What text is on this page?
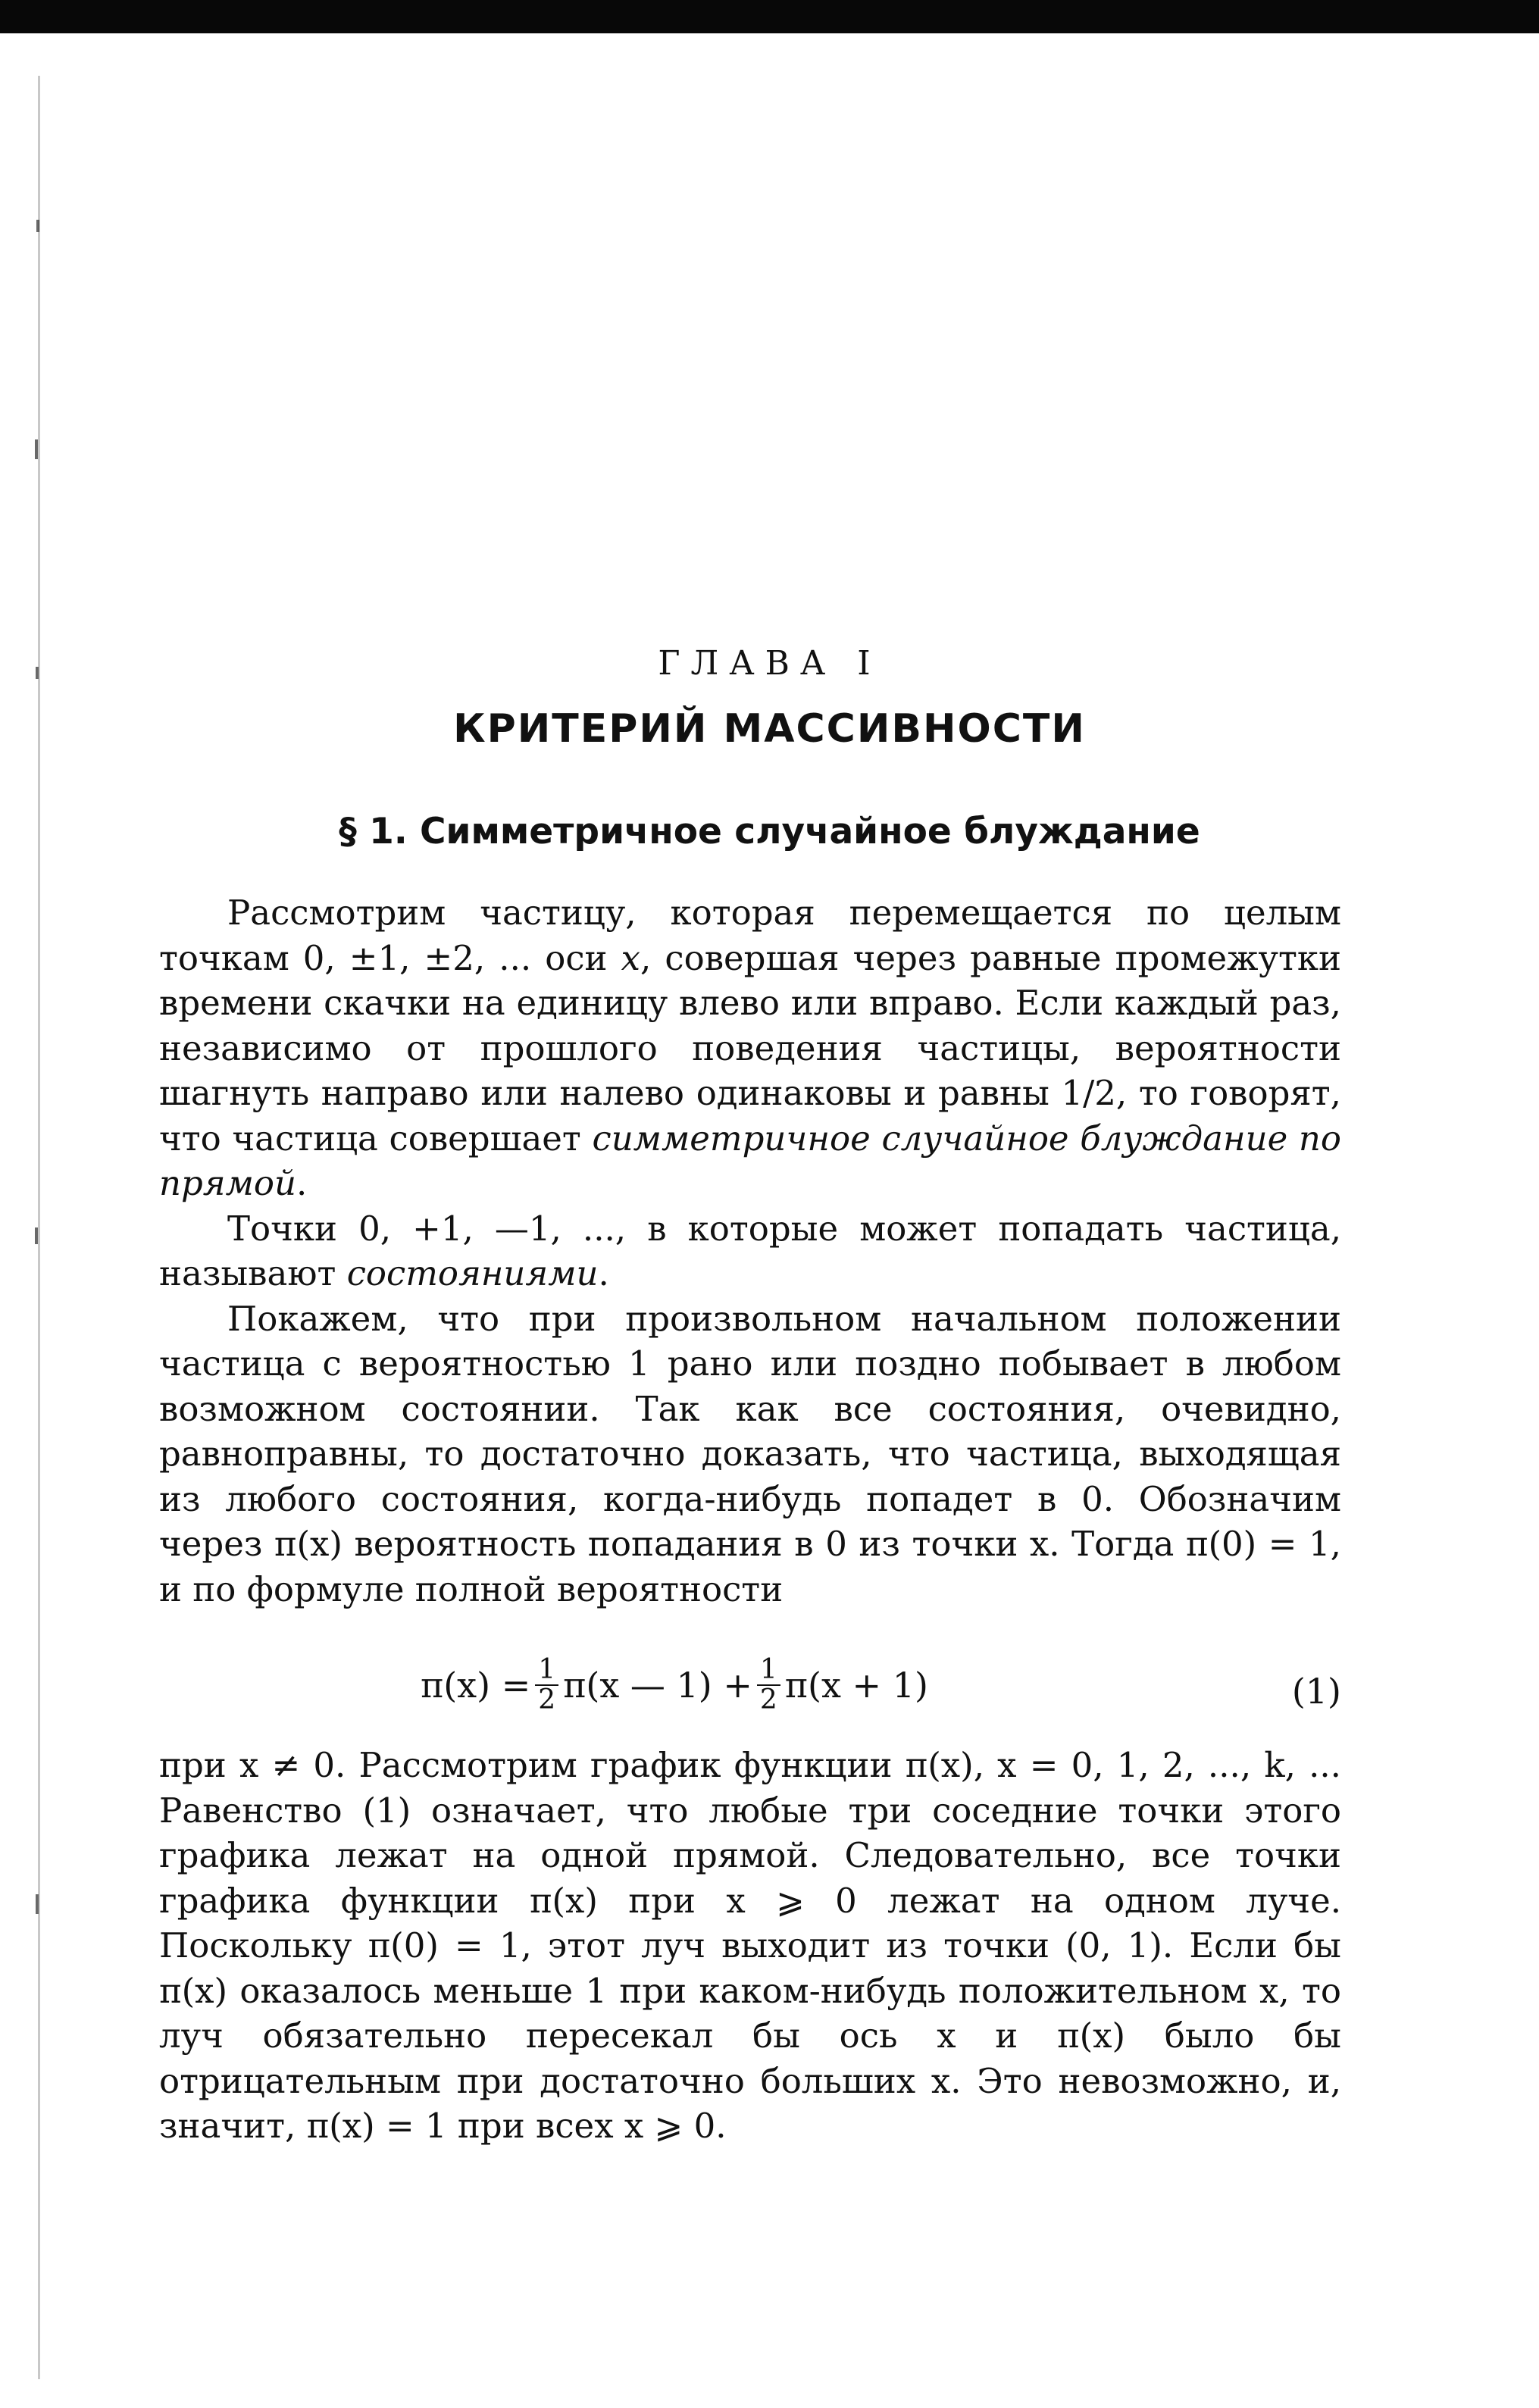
ГЛАВА I
КРИТЕРИЙ МАССИВНОСТИ
§ 1. Симметричное случайное блуждание

Рассмотрим частицу, которая перемещается по целым точкам 0, ±1, ±2, ... оси x, совершая через равные промежутки времени скачки на единицу влево или вправо. Если каждый раз, независимо от прошлого поведения частицы, вероятности шагнуть направо или налево одинаковы и равны 1/2, то говорят, что частица совершает симметричное случайное блуждание по прямой.

Точки 0, +1, —1, ..., в которые может попадать частица, называют состояниями.

Покажем, что при произвольном начальном положении частица с вероятностью 1 рано или поздно побывает в любом возможном состоянии. Так как все состояния, очевидно, равноправны, то достаточно доказать, что частица, выходящая из любого состояния, когда-нибудь попадет в 0. Обозначим через π(x) вероятность попадания в 0 из точки x. Тогда π(0) = 1, и по формуле полной вероятности

$\pi(x) = \frac{1}{2} \pi(x$ — $1) + \frac{1}{2} \pi(x + 1)$	(1)

при x ≠ 0. Рассмотрим график функции π(x), x = 0, 1, 2, ..., k, ... Равенство (1) означает, что любые три соседние точки этого графика лежат на одной прямой. Следовательно, все точки графика функции π(x) при x ⩾ 0 лежат на одном луче. Поскольку π(0) = 1, этот луч выходит из точки (0, 1). Если бы π(x) оказалось меньше 1 при каком-нибудь положительном x, то луч обязательно пересекал бы ось x и π(x) было бы отрицательным при достаточно больших x. Это невозможно, и, значит, π(x) = 1 при всех x ⩾ 0.
